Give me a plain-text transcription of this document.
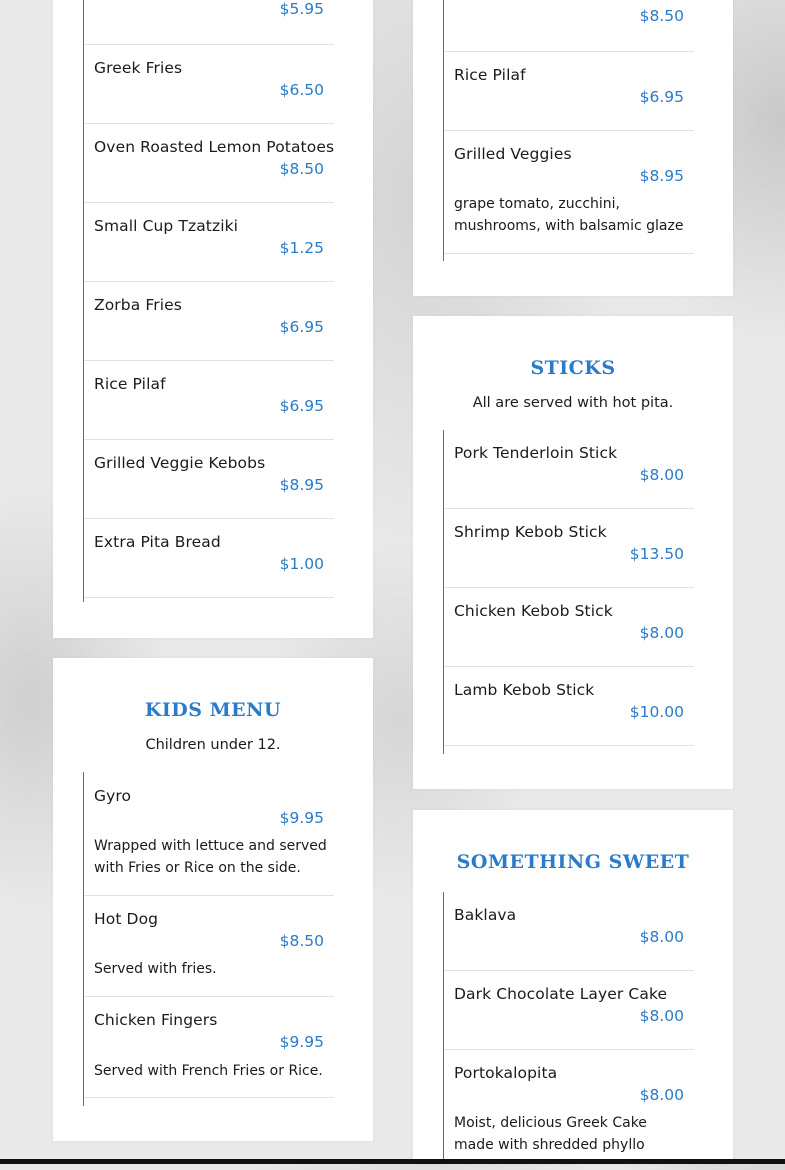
$5.95
Greek Fries
$6.50
Oven Roasted Lemon Potatoes
$8.50
Small Cup Tzatziki
$1.25
Zorba Fries
$6.95
Rice Pilaf
$6.95
Grilled Veggie Kebobs
$8.95
Extra Pita Bread
$1.00
KIDS MENU
Children under 12.
Gyro
$9.95
Wrapped with lettuce and served with Fries or Rice on the side.
Hot Dog
$8.50
Served with fries.
Chicken Fingers
$9.95
Served with French Fries or Rice.
$8.50
Rice Pilaf
$6.95
Grilled Veggies
$8.95
grape tomato, zucchini, mushrooms, with balsamic glaze
STICKS
All are served with hot pita.
Pork Tenderloin Stick
$8.00
Shrimp Kebob Stick
$13.50
Chicken Kebob Stick
$8.00
Lamb Kebob Stick
$10.00
SOMETHING SWEET
Baklava
$8.00
Dark Chocolate Layer Cake
$8.00
Portokalopita
$8.00
Moist, delicious Greek Cake made with shredded phyllo
